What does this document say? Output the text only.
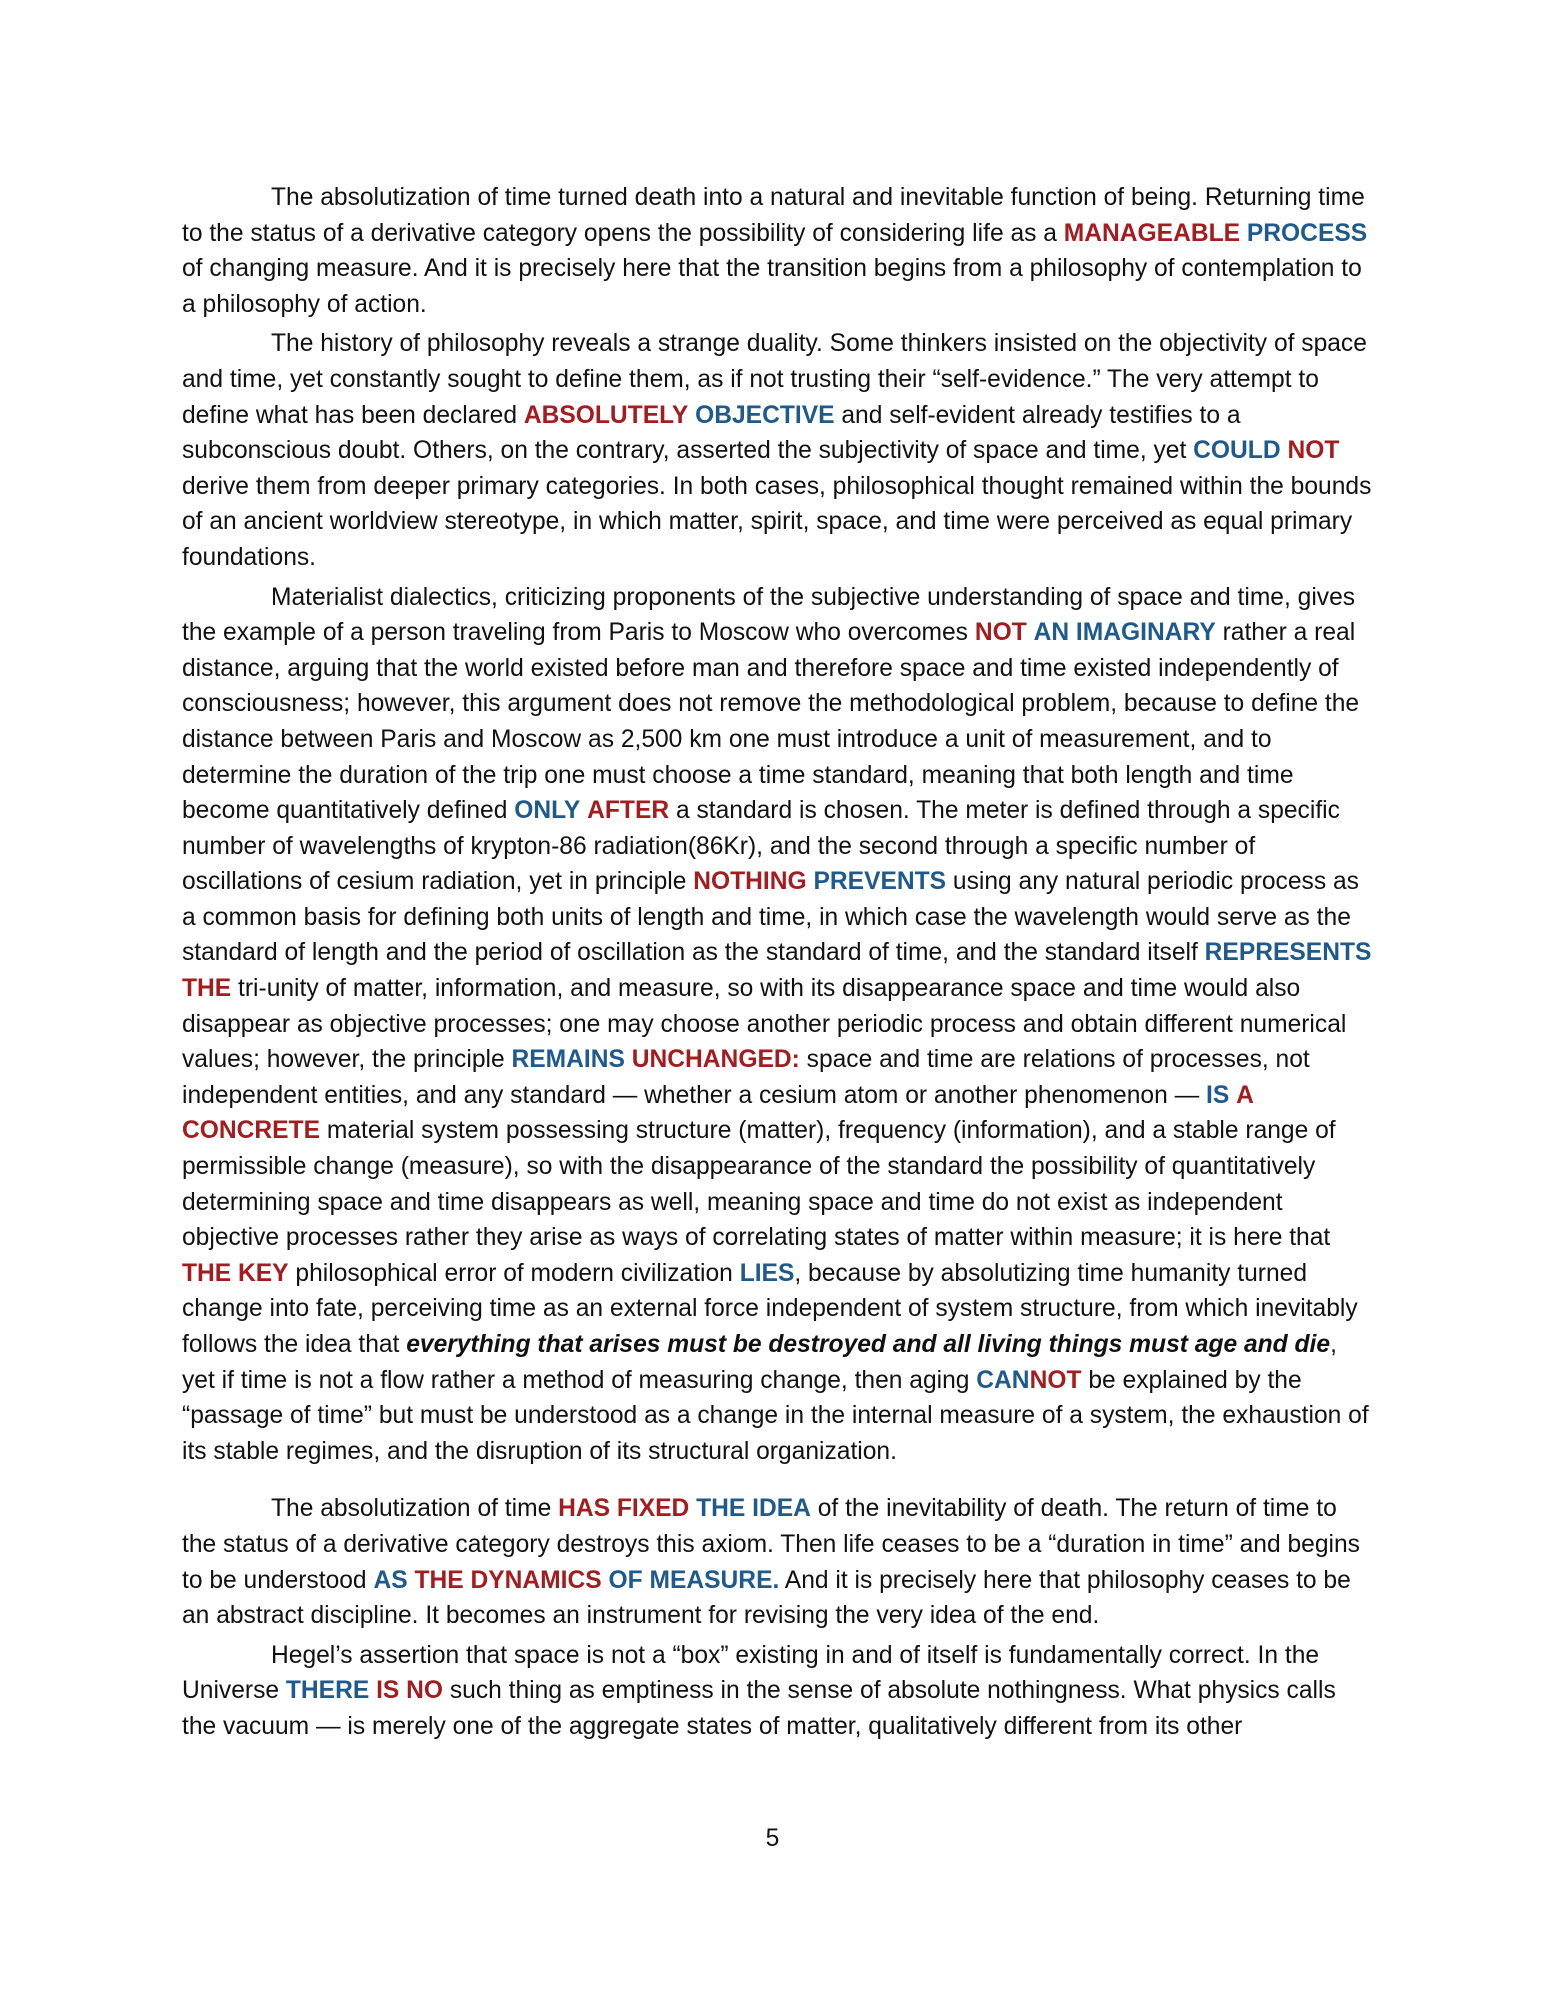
The absolutization of time turned death into a natural and inevitable function of being. Returning time to the status of a derivative category opens the possibility of considering life as a MANAGEABLE PROCESS of changing measure. And it is precisely here that the transition begins from a philosophy of contemplation to a philosophy of action.

The history of philosophy reveals a strange duality. Some thinkers insisted on the objectivity of space and time, yet constantly sought to define them, as if not trusting their “self-evidence.” The very attempt to define what has been declared ABSOLUTELY OBJECTIVE and self-evident already testifies to a subconscious doubt. Others, on the contrary, asserted the subjectivity of space and time, yet COULD NOT derive them from deeper primary categories. In both cases, philosophical thought remained within the bounds of an ancient worldview stereotype, in which matter, spirit, space, and time were perceived as equal primary foundations.

Materialist dialectics, criticizing proponents of the subjective understanding of space and time, gives the example of a person traveling from Paris to Moscow who overcomes NOT AN IMAGINARY rather a real distance, arguing that the world existed before man and therefore space and time existed independently of consciousness; however, this argument does not remove the methodological problem, because to define the distance between Paris and Moscow as 2,500 km one must introduce a unit of measurement, and to determine the duration of the trip one must choose a time standard, meaning that both length and time become quantitatively defined ONLY AFTER a standard is chosen. The meter is defined through a specific number of wavelengths of krypton-86 radiation(86Kr), and the second through a specific number of oscillations of cesium radiation, yet in principle NOTHING PREVENTS using any natural periodic process as a common basis for defining both units of length and time, in which case the wavelength would serve as the standard of length and the period of oscillation as the standard of time, and the standard itself REPRESENTS THE tri-unity of matter, information, and measure, so with its disappearance space and time would also disappear as objective processes; one may choose another periodic process and obtain different numerical values; however, the principle REMAINS UNCHANGED: space and time are relations of processes, not independent entities, and any standard — whether a cesium atom or another phenomenon — IS A CONCRETE material system possessing structure (matter), frequency (information), and a stable range of permissible change (measure), so with the disappearance of the standard the possibility of quantitatively determining space and time disappears as well, meaning space and time do not exist as independent objective processes rather they arise as ways of correlating states of matter within measure; it is here that THE KEY philosophical error of modern civilization LIES, because by absolutizing time humanity turned change into fate, perceiving time as an external force independent of system structure, from which inevitably follows the idea that everything that arises must be destroyed and all living things must age and die, yet if time is not a flow rather a method of measuring change, then aging CANNOT be explained by the “passage of time” but must be understood as a change in the internal measure of a system, the exhaustion of its stable regimes, and the disruption of its structural organization.

The absolutization of time HAS FIXED THE IDEA of the inevitability of death. The return of time to the status of a derivative category destroys this axiom. Then life ceases to be a “duration in time” and begins to be understood AS THE DYNAMICS OF MEASURE. And it is precisely here that philosophy ceases to be an abstract discipline. It becomes an instrument for revising the very idea of the end.

Hegel’s assertion that space is not a “box” existing in and of itself is fundamentally correct. In the Universe THERE IS NO such thing as emptiness in the sense of absolute nothingness. What physics calls the vacuum — is merely one of the aggregate states of matter, qualitatively different from its other

5
